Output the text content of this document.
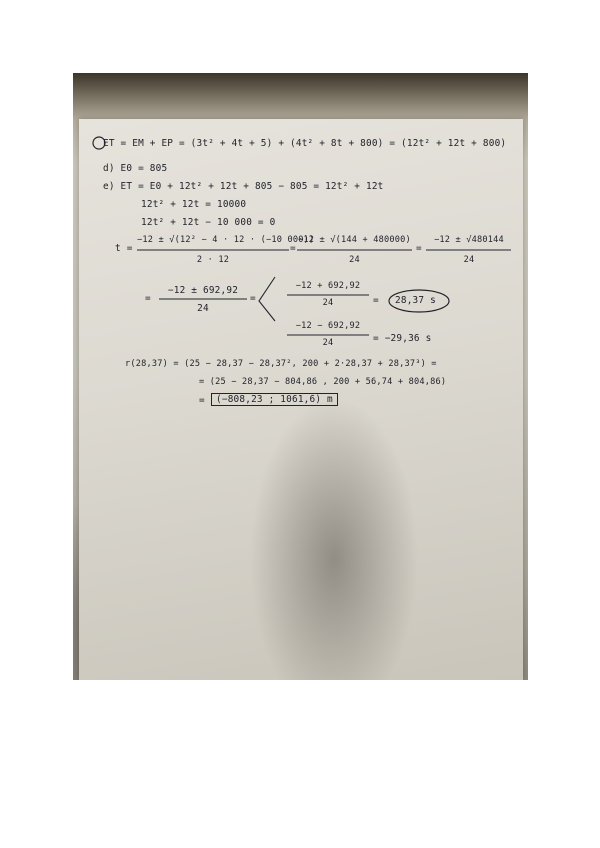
ET = EM + EP = (3t² + 4t + 5) + (4t² + 8t + 800) = (12t² + 12t + 800)
d) E0 = 805
e) ET = E0 + 12t² + 12t + 805 − 805 = 12t² + 12t
12t² + 12t = 10000
12t² + 12t − 10 000 = 0
t =
−12 ± √(12² − 4 · 12 · (−10 000))
2 · 12
=
−12 ± √(144 + 480000)
24
=
−12 ± √480144
24
=
−12 ± 692,92
24
=
−12 + 692,92
24	= 28,37 s
−12 − 692,92
24	= −29,36 s
r(28,37) = (25 − 28,37 − 28,37², 200 + 2·28,37 + 28,37³) =
= (25 − 28,37 − 804,86 , 200 + 56,74 + 804,86)
=	(−808,23 ; 1061,6) m
